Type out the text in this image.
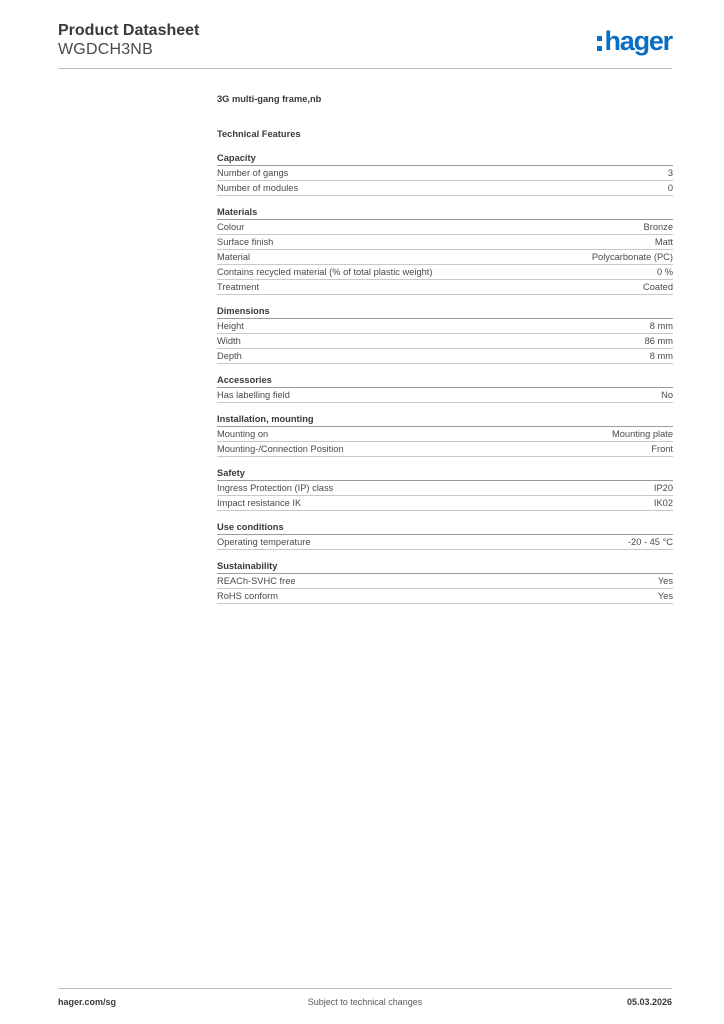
Product Datasheet
WGDCH3NB	hager
3G multi-gang frame,nb
Technical Features
Capacity
Number of gangs	3
Number of modules	0
Materials
Colour	Bronze
Surface finish	Matt
Material	Polycarbonate (PC)
Contains recycled material (% of total plastic weight)	0 %
Treatment	Coated
Dimensions
Height	8 mm
Width	86 mm
Depth	8 mm
Accessories
Has labelling field	No
Installation, mounting
Mounting on	Mounting plate
Mounting-/Connection Position	Front
Safety
Ingress Protection (IP) class	IP20
Impact resistance IK	IK02
Use conditions
Operating temperature	-20 - 45 °C
Sustainability
REACh-SVHC free	Yes
RoHS conform	Yes
hager.com/sg	Subject to technical changes	05.03.2026
